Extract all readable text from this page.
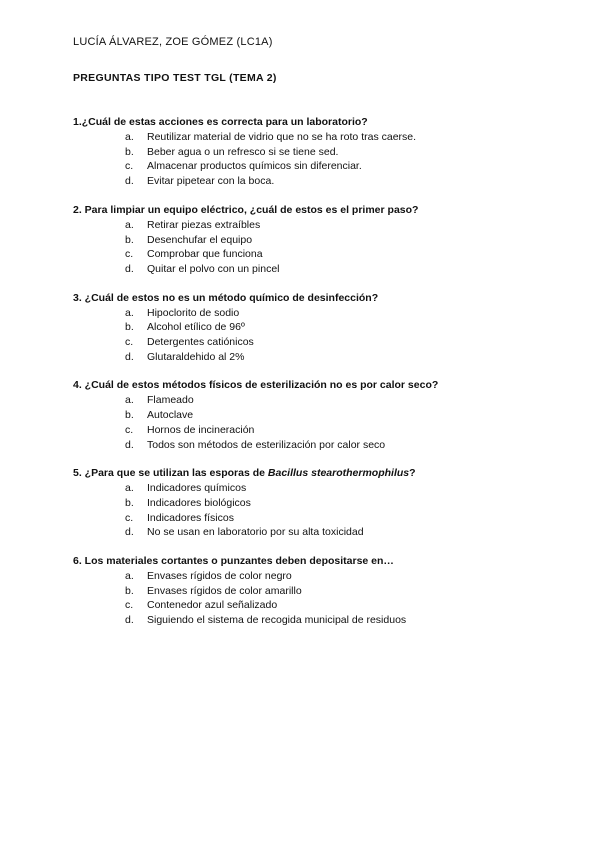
LUCÍA ÁLVAREZ, ZOE GÓMEZ (LC1A)
PREGUNTAS TIPO TEST TGL (TEMA 2)
1.¿Cuál de estas acciones es correcta para un laboratorio?
a.	Reutilizar material de vidrio que no se ha roto tras caerse.
b.	Beber agua o un refresco si se tiene sed.
c.	Almacenar productos químicos sin diferenciar.
d.	Evitar pipetear con la boca.
2. Para limpiar un equipo eléctrico, ¿cuál de estos es el primer paso?
a.	Retirar piezas extraíbles
b.	Desenchufar el equipo
c.	Comprobar que funciona
d.	Quitar el polvo con un pincel
3. ¿Cuál de estos no es un método químico de desinfección?
a.	Hipoclorito de sodio
b.	Alcohol etílico de 96º
c.	Detergentes catiónicos
d.	Glutaraldehido al 2%
4. ¿Cuál de estos métodos físicos de esterilización no es por calor seco?
a.	Flameado
b.	Autoclave
c.	Hornos de incineración
d.	Todos son métodos de esterilización por calor seco
5. ¿Para que se utilizan las esporas de Bacillus stearothermophilus?
a.	Indicadores químicos
b.	Indicadores biológicos
c.	Indicadores físicos
d.	No se usan en laboratorio por su alta toxicidad
6. Los materiales cortantes o punzantes deben depositarse en…
a.	Envases rígidos de color negro
b.	Envases rígidos de color amarillo
c.	Contenedor azul señalizado
d.	Siguiendo el sistema de recogida municipal de residuos
